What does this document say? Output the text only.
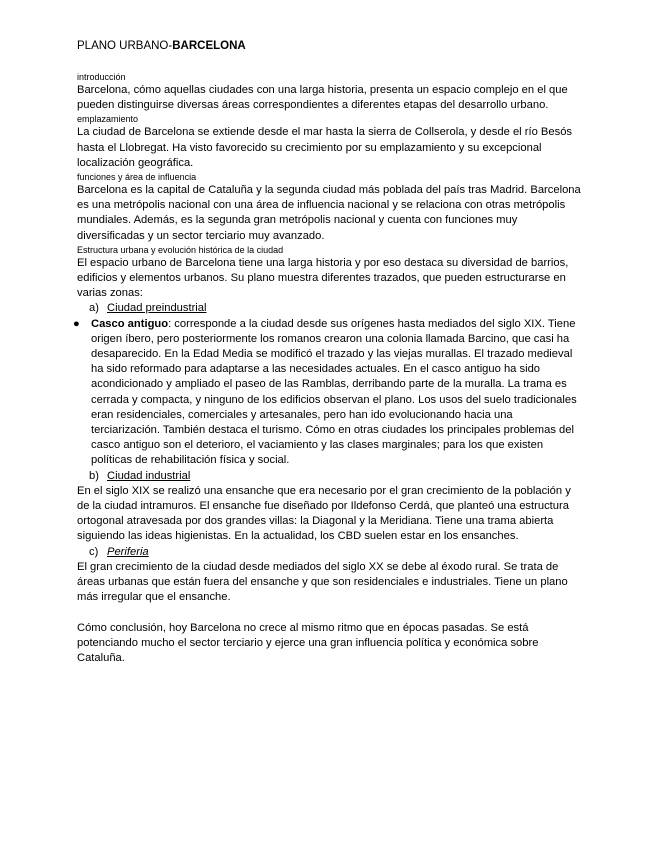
PLANO URBANO-BARCELONA

introducción

Barcelona, cómo aquellas ciudades con una larga historia, presenta un espacio complejo en el que pueden distinguirse diversas áreas correspondientes a diferentes etapas del desarrollo urbano.

emplazamiento

La ciudad de Barcelona se extiende desde el mar hasta la sierra de Collserola, y desde el río Besós hasta el Llobregat. Ha visto favorecido su crecimiento por su emplazamiento y su excepcional localización geográfica.

funciones y área de influencia

Barcelona es la capital de Cataluña y la segunda ciudad más poblada del país tras Madrid. Barcelona es una metrópolis nacional con una área de influencia nacional y se relaciona con otras metrópolis mundiales. Además, es la segunda gran metrópolis nacional y cuenta con funciones muy diversificadas y un sector terciario muy avanzado.

Estructura urbana y evolución histórica de la ciudad

El espacio urbano de Barcelona tiene una larga historia y por eso destaca su diversidad de barrios, edificios y elementos urbanos. Su plano muestra diferentes trazados, que pueden estructurarse en varias zonas:

a) Ciudad preindustrial

● Casco antiguo: corresponde a la ciudad desde sus orígenes hasta mediados del siglo XIX. Tiene origen íbero, pero posteriormente los romanos crearon una colonia llamada Barcino, que casi ha desaparecido. En la Edad Media se modificó el trazado y las viejas murallas. El trazado medieval ha sido reformado para adaptarse a las necesidades actuales. En el casco antiguo ha sido acondicionado y ampliado el paseo de las Ramblas, derribando parte de la muralla. La trama es cerrada y compacta, y ninguno de los edificios observan el plano. Los usos del suelo tradicionales eran residenciales, comerciales y artesanales, pero han ido evolucionando hacia una terciarización. También destaca el turismo. Cómo en otras ciudades los principales problemas del casco antiguo son el deterioro, el vaciamiento y las clases marginales; para los que existen políticas de rehabilitación física y social.

b) Ciudad industrial

En el siglo XIX se realizó una ensanche que era necesario por el gran crecimiento de la población y de la ciudad intramuros. El ensanche fue diseñado por Ildefonso Cerdá, que planteó una estructura ortogonal atravesada por dos grandes villas: la Diagonal y la Meridiana. Tiene una trama abierta siguiendo las ideas higienistas. En la actualidad, los CBD suelen estar en los ensanches.

c) Periferia

El gran crecimiento de la ciudad desde mediados del siglo XX se debe al éxodo rural. Se trata de áreas urbanas que están fuera del ensanche y que son residenciales e industriales. Tiene un plano más irregular que el ensanche.

Cómo conclusión, hoy Barcelona no crece al mismo ritmo que en épocas pasadas. Se está potenciando mucho el sector terciario y ejerce una gran influencia política y económica sobre Cataluña.
